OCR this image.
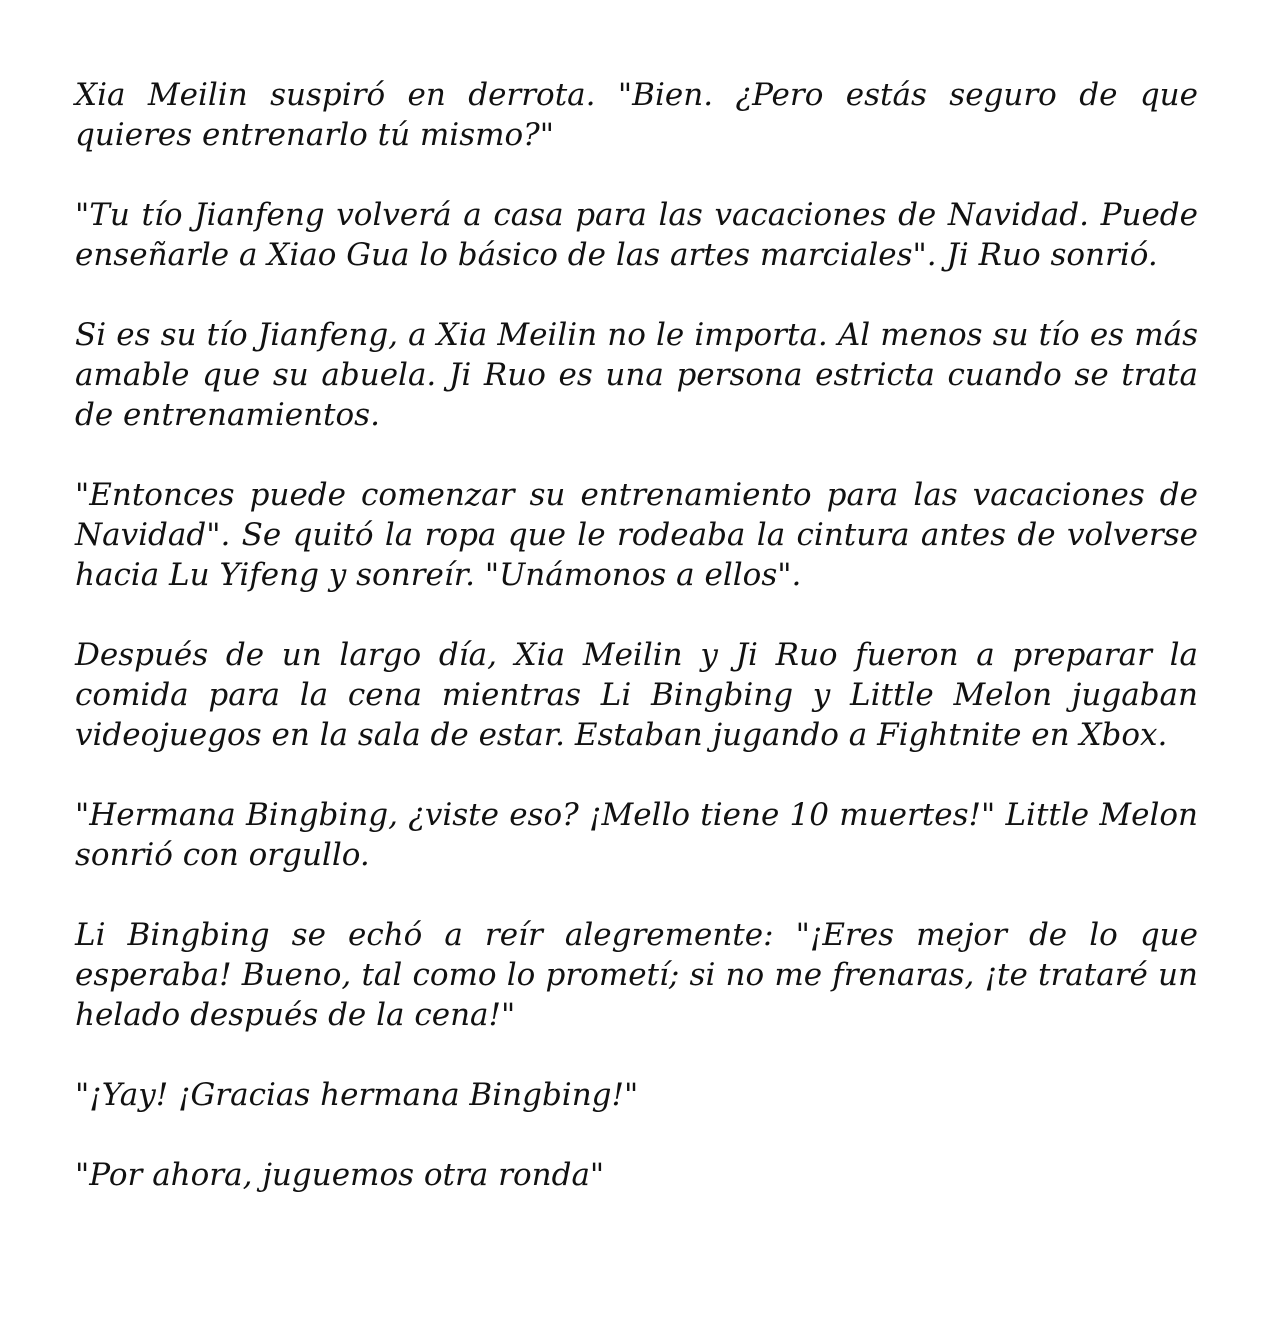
Xia Meilin suspiró en derrota. "Bien. ¿Pero estás seguro de que quieres entrenarlo tú mismo?"

"Tu tío Jianfeng volverá a casa para las vacaciones de Navidad. Puede enseñarle a Xiao Gua lo básico de las artes marciales". Ji Ruo sonrió.

Si es su tío Jianfeng, a Xia Meilin no le importa. Al menos su tío es más amable que su abuela. Ji Ruo es una persona estricta cuando se trata de entrenamientos.

"Entonces puede comenzar su entrenamiento para las vacaciones de Navidad". Se quitó la ropa que le rodeaba la cintura antes de volverse hacia Lu Yifeng y sonreír. "Unámonos a ellos".

Después de un largo día, Xia Meilin y Ji Ruo fueron a preparar la comida para la cena mientras Li Bingbing y Little Melon jugaban videojuegos en la sala de estar. Estaban jugando a Fightnite en Xbox.

"Hermana Bingbing, ¿viste eso? ¡Mello tiene 10 muertes!" Little Melon sonrió con orgullo.

Li Bingbing se echó a reír alegremente: "¡Eres mejor de lo que esperaba! Bueno, tal como lo prometí; si no me frenaras, ¡te trataré un helado después de la cena!"

"¡Yay! ¡Gracias hermana Bingbing!"

"Por ahora, juguemos otra ronda"
